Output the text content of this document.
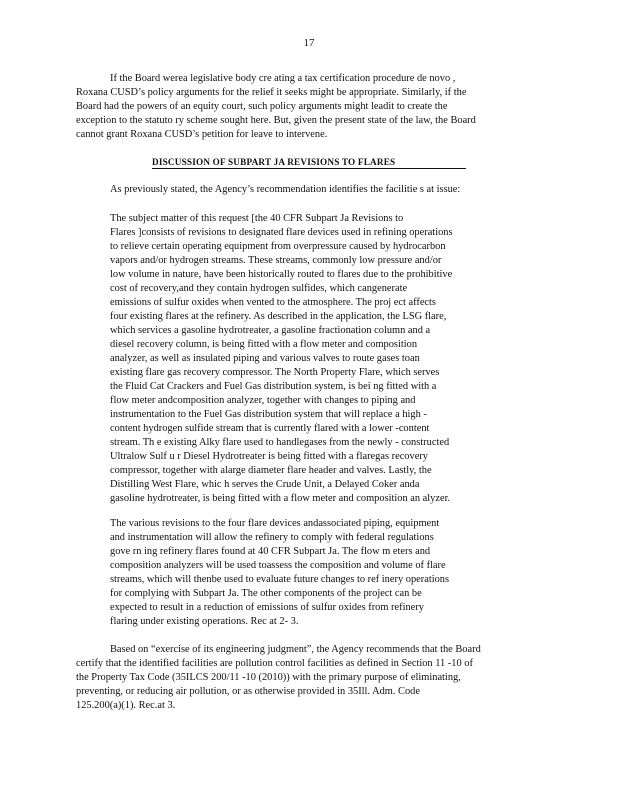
17
If the Board werea legislative body cre ating a tax certification procedure de novo ,
Roxana CUSD’s policy arguments for the relief it seeks might be appropriate. Similarly, if the
Board had the powers of an equity court, such policy arguments might leadit to create the
exception to the statuto ry scheme sought here. But, given the present state of the law, the Board
cannot grant Roxana CUSD’s petition for leave to intervene.
DISCUSSION OF SUBPART JA REVISIONS TO FLARES
As previously stated, the Agency’s recommendation identifies the facilitie s at issue:
The subject matter of this request [the 40 CFR Subpart Ja Revisions to
Flares ]consists of revisions to designated flare devices used in refining operations
to relieve certain operating equipment from overpressure caused by hydrocarbon
vapors and/or hydrogen streams. These streams, commonly low pressure and/or
low volume in nature, have been historically routed to flares due to the prohibitive
cost of recovery,and they contain hydrogen sulfides, which cangenerate
emissions of sulfur oxides when vented to the atmosphere. The proj ect affects
four existing flares at the refinery. As described in the application, the LSG flare,
which services a gasoline hydrotreater, a gasoline fractionation column and a
diesel recovery column, is being fitted with a flow meter and composition
analyzer, as well as insulated piping and various valves to route gases toan
existing flare gas recovery compressor. The North Property Flare, which serves
the Fluid Cat Crackers and Fuel Gas distribution system, is bei ng fitted with a
flow meter andcomposition analyzer, together with changes to piping and
instrumentation to the Fuel Gas distribution system that will replace a high -
content hydrogen sulfide stream that is currently flared with a lower -content
stream. Th e existing Alky flare used to handlegases from the newly - constructed
Ultralow Sulf u r Diesel Hydrotreater is being fitted with a flaregas recovery
compressor, together with alarge diameter flare header and valves. Lastly, the
Distilling West Flare, whic h serves the Crude Unit, a Delayed Coker anda
gasoline hydrotreater, is being fitted with a flow meter and composition an alyzer.
The various revisions to the four flare devices andassociated piping, equipment
and instrumentation will allow the refinery to comply with federal regulations
gove rn ing refinery flares found at 40 CFR Subpart Ja. The flow m eters and
composition analyzers will be used toassess the composition and volume of flare
streams, which will thenbe used to evaluate future changes to ref inery operations
for complying with Subpart Ja. The other components of the project can be
expected to result in a reduction of emissions of sulfur oxides from refinery
flaring under existing operations. Rec at 2- 3.
Based on “exercise of its engineering judgment”, the Agency recommends that the Board
certify that the identified facilities are pollution control facilities as defined in Section 11 -10 of
the Property Tax Code (35ILCS 200/11 -10 (2010)) with the primary purpose of eliminating,
preventing, or reducing air pollution, or as otherwise provided in 35Ill. Adm. Code
125.200(a)(1). Rec.at 3.
